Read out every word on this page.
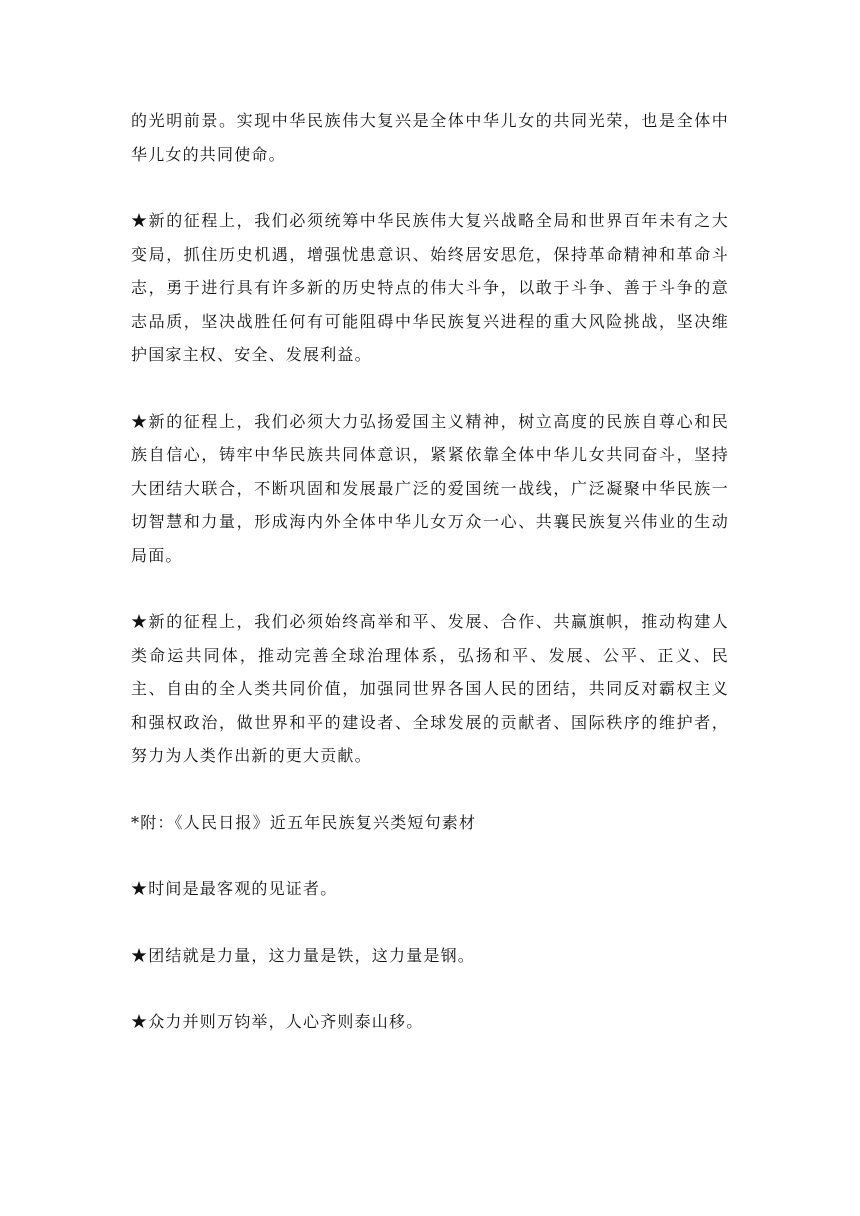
的光明前景。实现中华民族伟大复兴是全体中华儿女的共同光荣，也是全体中华儿女的共同使命。

★新的征程上，我们必须统筹中华民族伟大复兴战略全局和世界百年未有之大变局，抓住历史机遇，增强忧患意识、始终居安思危，保持革命精神和革命斗志，勇于进行具有许多新的历史特点的伟大斗争，以敢于斗争、善于斗争的意志品质，坚决战胜任何有可能阻碍中华民族复兴进程的重大风险挑战，坚决维护国家主权、安全、发展利益。

★新的征程上，我们必须大力弘扬爱国主义精神，树立高度的民族自尊心和民族自信心，铸牢中华民族共同体意识，紧紧依靠全体中华儿女共同奋斗，坚持大团结大联合，不断巩固和发展最广泛的爱国统一战线，广泛凝聚中华民族一切智慧和力量，形成海内外全体中华儿女万众一心、共襄民族复兴伟业的生动局面。

★新的征程上，我们必须始终高举和平、发展、合作、共赢旗帜，推动构建人类命运共同体，推动完善全球治理体系，弘扬和平、发展、公平、正义、民主、自由的全人类共同价值，加强同世界各国人民的团结，共同反对霸权主义和强权政治，做世界和平的建设者、全球发展的贡献者、国际秩序的维护者，努力为人类作出新的更大贡献。

*附：《人民日报》近五年民族复兴类短句素材

★时间是最客观的见证者。

★团结就是力量，这力量是铁，这力量是钢。

★众力并则万钧举，人心齐则泰山移。
